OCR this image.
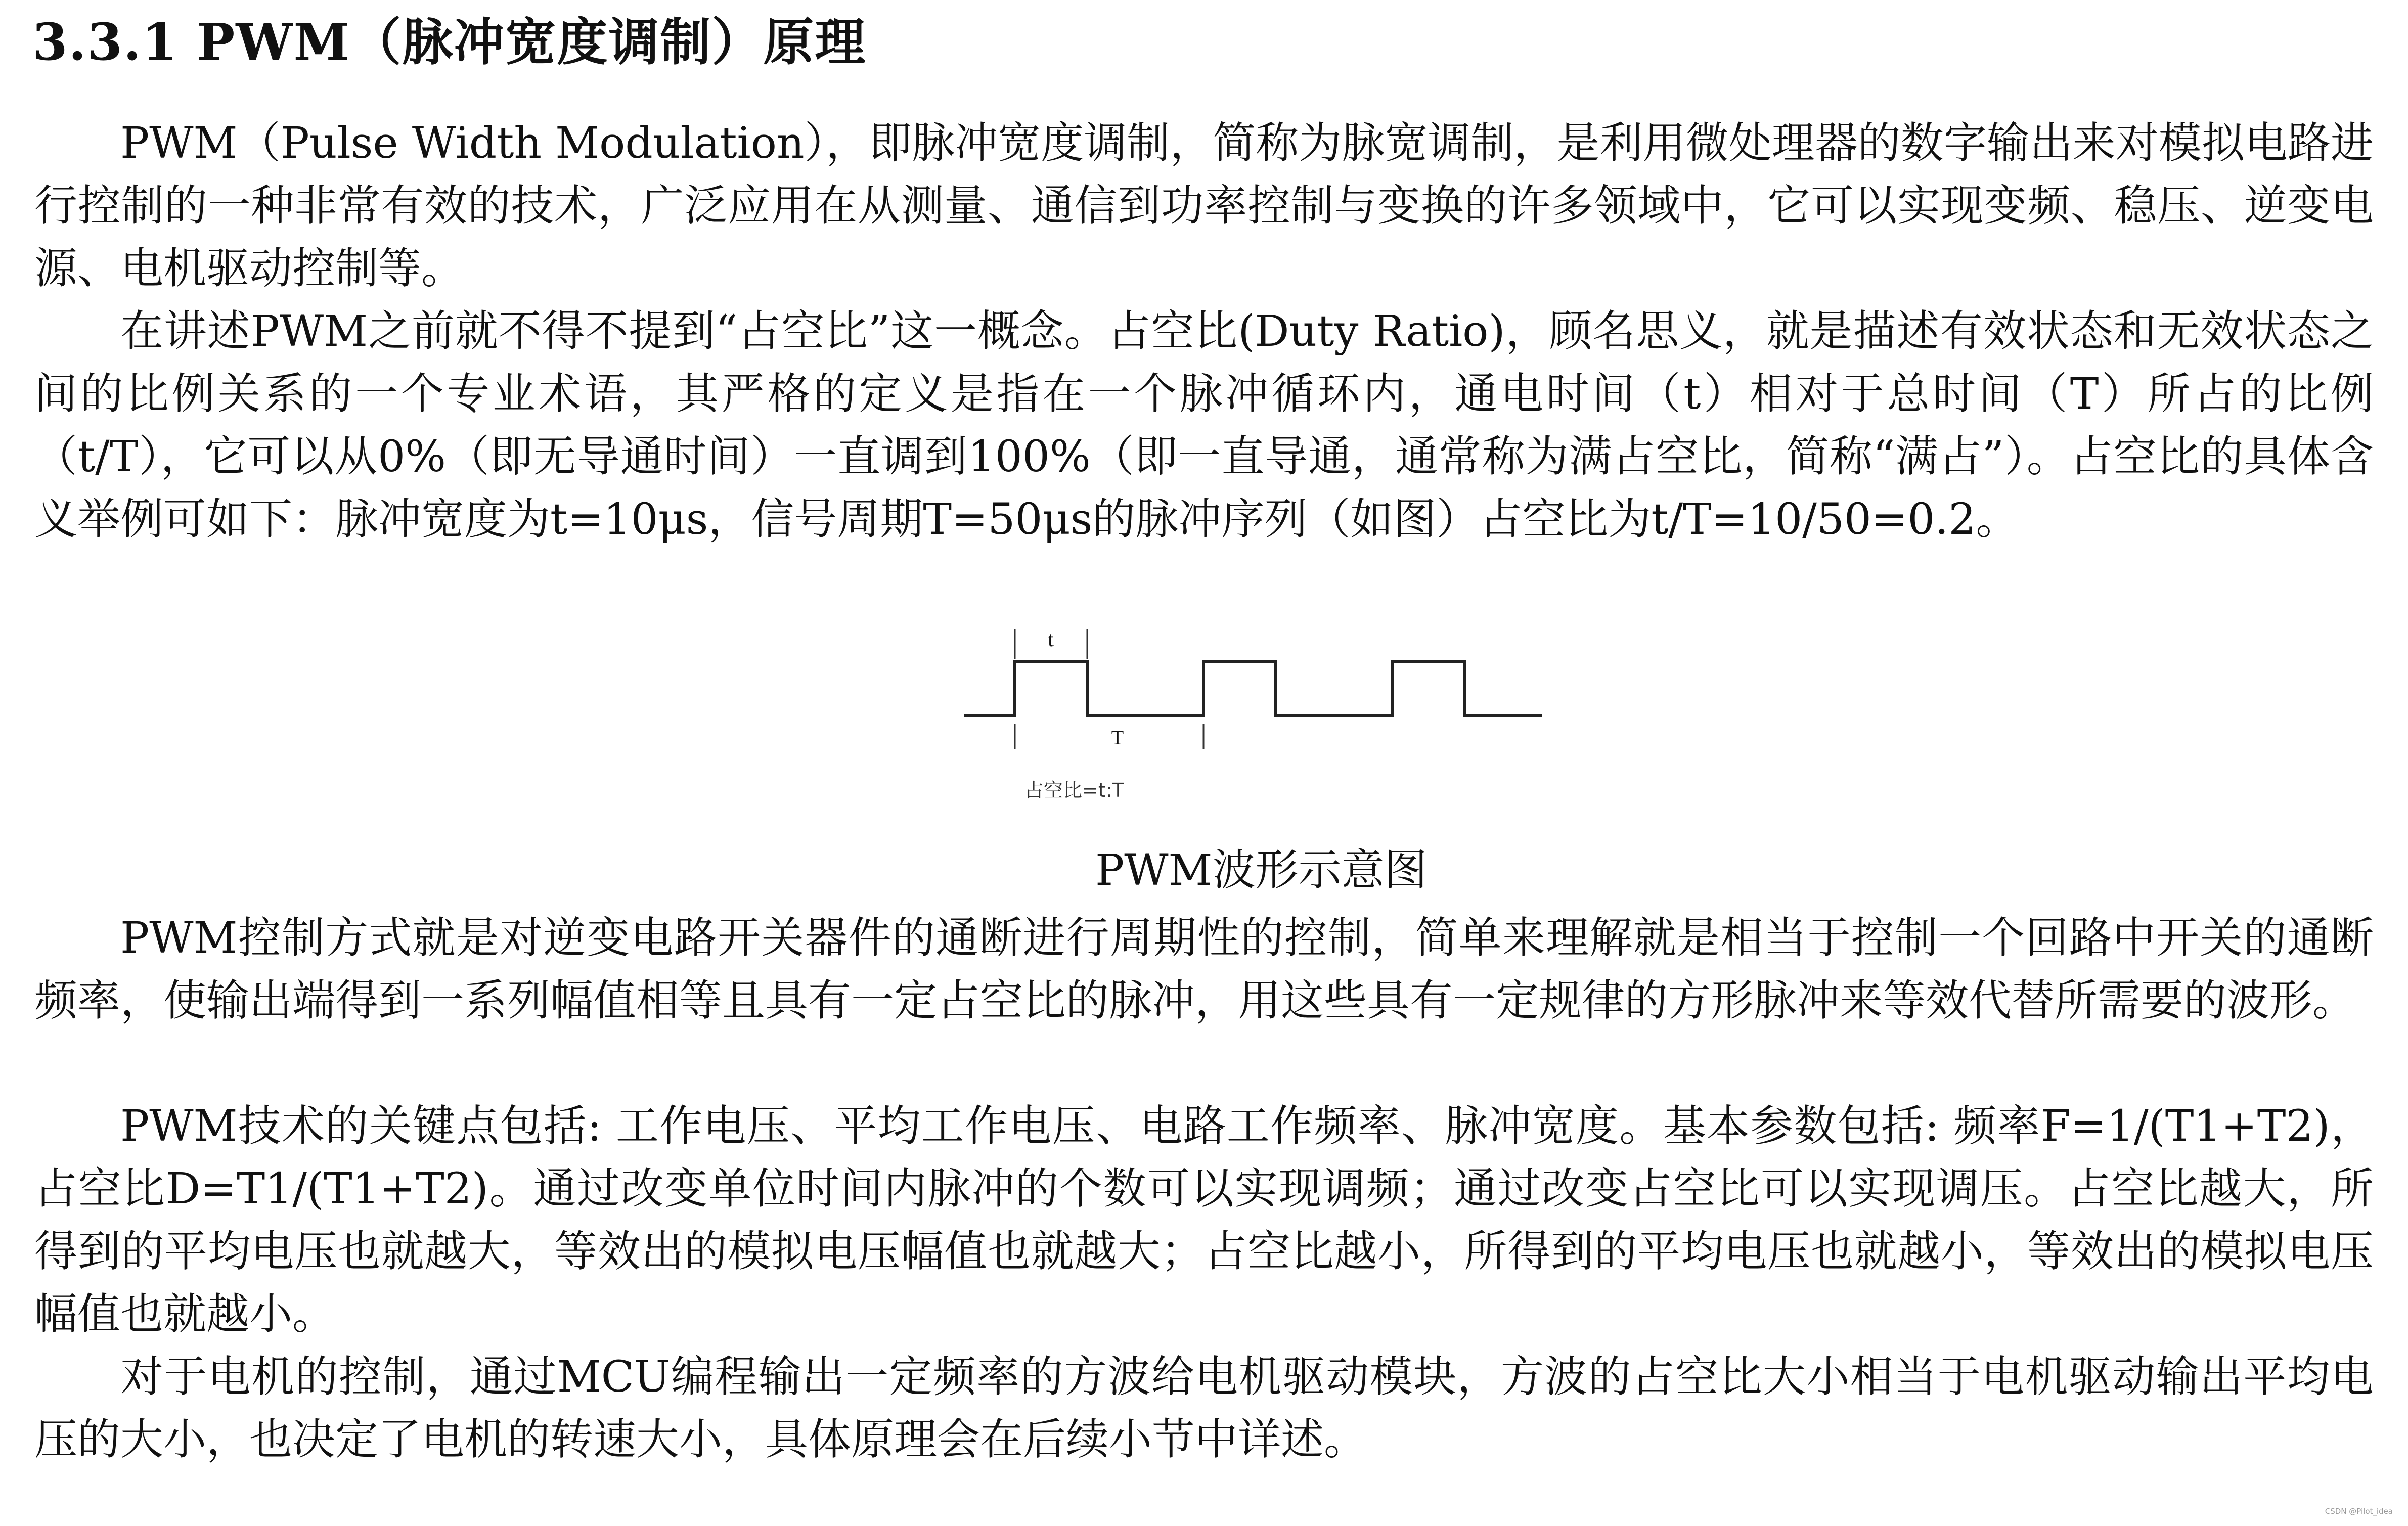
3.3.1 PWM（脉冲宽度调制）原理

PWM（Pulse Width Modulation），即脉冲宽度调制，简称为脉宽调制，是利用微处理器的数字输出来对模拟电路进行控制的一种非常有效的技术，广泛应用在从测量、通信到功率控制与变换的许多领域中，它可以实现变频、稳压、逆变电源、电机驱动控制等。

在讲述PWM之前就不得不提到“占空比”这一概念。占空比(Duty Ratio)，顾名思义，就是描述有效状态和无效状态之间的比例关系的一个专业术语，其严格的定义是指在一个脉冲循环内，通电时间（t）相对于总时间（T）所占的比例（t/T），它可以从0%（即无导通时间）一直调到100%（即一直导通，通常称为满占空比，简称“满占”）。占空比的具体含义举例可如下：脉冲宽度为t=10μs，信号周期T=50μs的脉冲序列（如图）占空比为t/T=10/50=0.2。

t
T
占空比=t:T

PWM波形示意图

PWM控制方式就是对逆变电路开关器件的通断进行周期性的控制，简单来理解就是相当于控制一个回路中开关的通断频率，使输出端得到一系列幅值相等且具有一定占空比的脉冲，用这些具有一定规律的方形脉冲来等效代替所需要的波形。

PWM技术的关键点包括: 工作电压、平均工作电压、电路工作频率、脉冲宽度。基本参数包括: 频率F=1/(T1+T2)，占空比D=T1/(T1+T2)。通过改变单位时间内脉冲的个数可以实现调频；通过改变占空比可以实现调压。占空比越大，所得到的平均电压也就越大，等效出的模拟电压幅值也就越大；占空比越小，所得到的平均电压也就越小，等效出的模拟电压幅值也就越小。

对于电机的控制，通过MCU编程输出一定频率的方波给电机驱动模块，方波的占空比大小相当于电机驱动输出平均电压的大小，也决定了电机的转速大小，具体原理会在后续小节中详述。

CSDN @Pilot_idea
